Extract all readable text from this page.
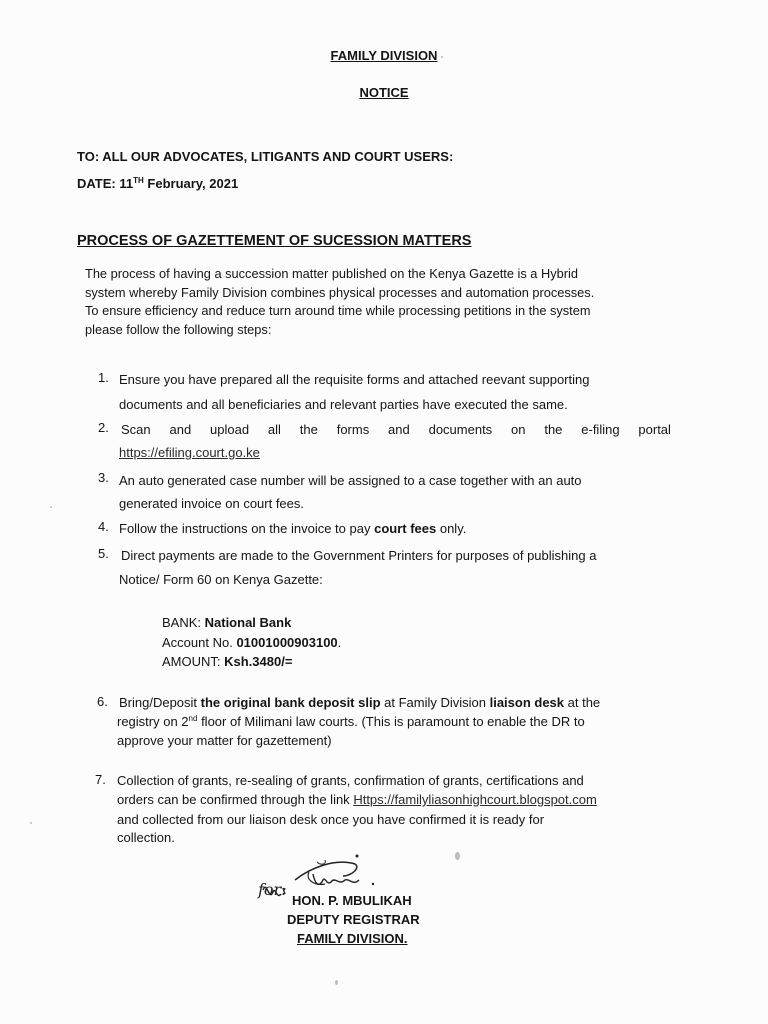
FAMILY DIVISION
NOTICE
TO: ALL OUR ADVOCATES, LITIGANTS AND COURT USERS:
DATE: 11TH February, 2021
PROCESS OF GAZETTEMENT OF SUCESSION MATTERS
The process of having a succession matter published on the Kenya Gazette is a Hybrid
system whereby Family Division combines physical processes and automation processes.
To ensure efficiency and reduce turn around time while processing petitions in the system
please follow the following steps:
1. Ensure you have prepared all the requisite forms and attached reevant supporting
documents and all beneficiaries and relevant parties have executed the same.
2. Scan and upload all the forms and documents on the e-filing portal
https://efiling.court.go.ke
3. An auto generated case number will be assigned to a case together with an auto
generated invoice on court fees.
4. Follow the instructions on the invoice to pay court fees only.
5. Direct payments are made to the Government Printers for purposes of publishing a
Notice/ Form 60 on Kenya Gazette:
BANK: National Bank
Account No. 01001000903100.
AMOUNT: Ksh.3480/=
6. Bring/Deposit the original bank deposit slip at Family Division liaison desk at the
registry on 2nd floor of Milimani law courts. (This is paramount to enable the DR to
approve your matter for gazettement)
7. Collection of grants, re-sealing of grants, confirmation of grants, certifications and
orders can be confirmed through the link Https://familyliasonhighcourt.blogspot.com
and collected from our liaison desk once you have confirmed it is ready for
collection.
for:
HON. P. MBULIKAH
DEPUTY REGISTRAR
FAMILY DIVISION.
